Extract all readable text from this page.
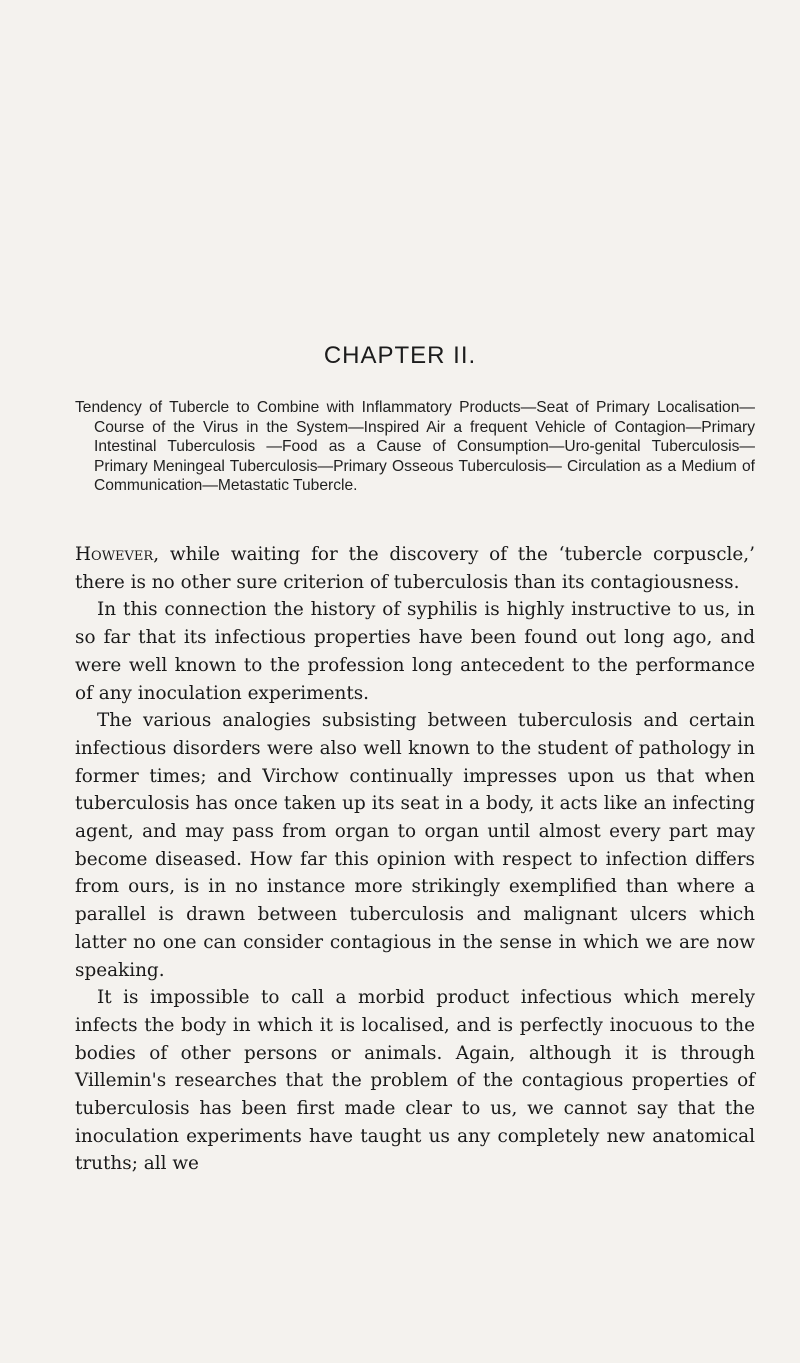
CHAPTER II.
Tendency of Tubercle to Combine with Inflammatory Products—Seat of Primary Localisation—Course of the Virus in the System—Inspired Air a frequent Vehicle of Contagion—Primary Intestinal Tuberculosis —Food as a Cause of Consumption—Uro-genital Tuberculosis— Primary Meningeal Tuberculosis—Primary Osseous Tuberculosis— Circulation as a Medium of Communication—Metastatic Tubercle.

However, while waiting for the discovery of the ‘tubercle corpuscle,’ there is no other sure criterion of tuberculosis than its contagiousness.

In this connection the history of syphilis is highly instructive to us, in so far that its infectious properties have been found out long ago, and were well known to the profession long antecedent to the performance of any inoculation experiments.

The various analogies subsisting between tuberculosis and certain infectious disorders were also well known to the student of pathology in former times; and Virchow continually impresses upon us that when tuberculosis has once taken up its seat in a body, it acts like an infecting agent, and may pass from organ to organ until almost every part may become diseased. How far this opinion with respect to infection differs from ours, is in no instance more strikingly exemplified than where a parallel is drawn between tuberculosis and malignant ulcers which latter no one can consider contagious in the sense in which we are now speaking.

It is impossible to call a morbid product infectious which merely infects the body in which it is localised, and is perfectly inocuous to the bodies of other persons or animals. Again, although it is through Villemin's researches that the problem of the contagious properties of tuberculosis has been first made clear to us, we cannot say that the inoculation experiments have taught us any completely new anatomical truths; all we
